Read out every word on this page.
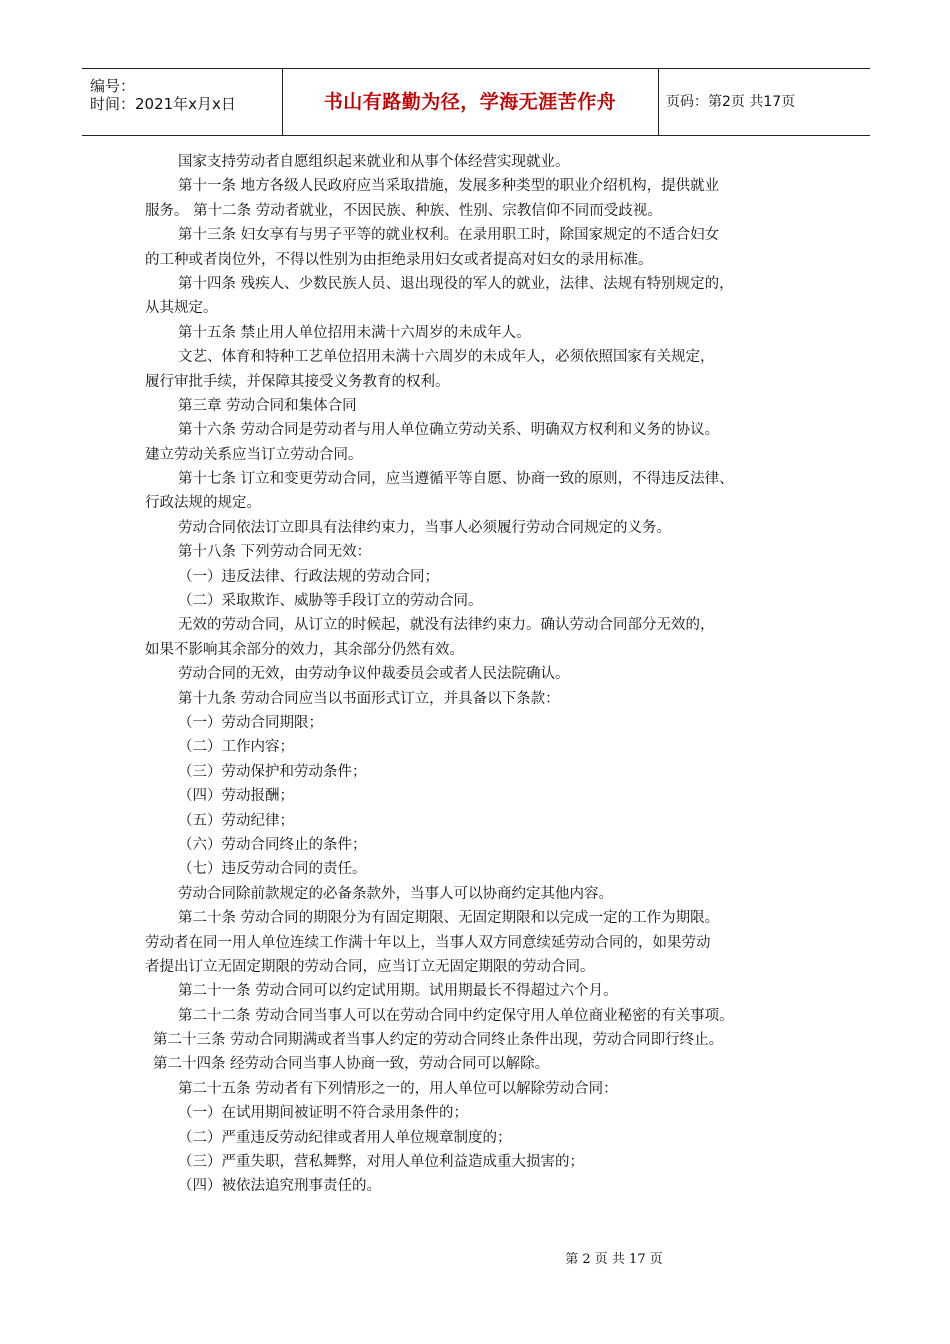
编号：
时间：2021年x月x日	书山有路勤为径，学海无涯苦作舟	页码：第2页 共17页
国家支持劳动者自愿组织起来就业和从事个体经营实现就业。
第十一条 地方各级人民政府应当采取措施，发展多种类型的职业介绍机构，提供就业
服务。 第十二条 劳动者就业，不因民族、种族、性别、宗教信仰不同而受歧视。
第十三条 妇女享有与男子平等的就业权利。在录用职工时，除国家规定的不适合妇女
的工种或者岗位外，不得以性别为由拒绝录用妇女或者提高对妇女的录用标准。
第十四条 残疾人、少数民族人员、退出现役的军人的就业，法律、法规有特别规定的，
从其规定。
第十五条 禁止用人单位招用未满十六周岁的未成年人。
文艺、体育和特种工艺单位招用未满十六周岁的未成年人，必须依照国家有关规定，
履行审批手续，并保障其接受义务教育的权利。
第三章 劳动合同和集体合同
第十六条 劳动合同是劳动者与用人单位确立劳动关系、明确双方权利和义务的协议。
建立劳动关系应当订立劳动合同。
第十七条 订立和变更劳动合同，应当遵循平等自愿、协商一致的原则，不得违反法律、
行政法规的规定。
劳动合同依法订立即具有法律约束力，当事人必须履行劳动合同规定的义务。
第十八条 下列劳动合同无效：
（一）违反法律、行政法规的劳动合同；
（二）采取欺诈、威胁等手段订立的劳动合同。
无效的劳动合同，从订立的时候起，就没有法律约束力。确认劳动合同部分无效的，
如果不影响其余部分的效力，其余部分仍然有效。
劳动合同的无效，由劳动争议仲裁委员会或者人民法院确认。
第十九条 劳动合同应当以书面形式订立，并具备以下条款：
（一）劳动合同期限；
（二）工作内容；
（三）劳动保护和劳动条件；
（四）劳动报酬；
（五）劳动纪律；
（六）劳动合同终止的条件；
（七）违反劳动合同的责任。
劳动合同除前款规定的必备条款外，当事人可以协商约定其他内容。
第二十条 劳动合同的期限分为有固定期限、无固定期限和以完成一定的工作为期限。
劳动者在同一用人单位连续工作满十年以上，当事人双方同意续延劳动合同的，如果劳动
者提出订立无固定期限的劳动合同，应当订立无固定期限的劳动合同。
第二十一条 劳动合同可以约定试用期。试用期最长不得超过六个月。
第二十二条 劳动合同当事人可以在劳动合同中约定保守用人单位商业秘密的有关事项。
第二十三条 劳动合同期满或者当事人约定的劳动合同终止条件出现，劳动合同即行终止。
第二十四条 经劳动合同当事人协商一致，劳动合同可以解除。
第二十五条 劳动者有下列情形之一的，用人单位可以解除劳动合同：
（一）在试用期间被证明不符合录用条件的；
（二）严重违反劳动纪律或者用人单位规章制度的；
（三）严重失职，营私舞弊，对用人单位利益造成重大损害的；
（四）被依法追究刑事责任的。
第 2 页 共 17 页
